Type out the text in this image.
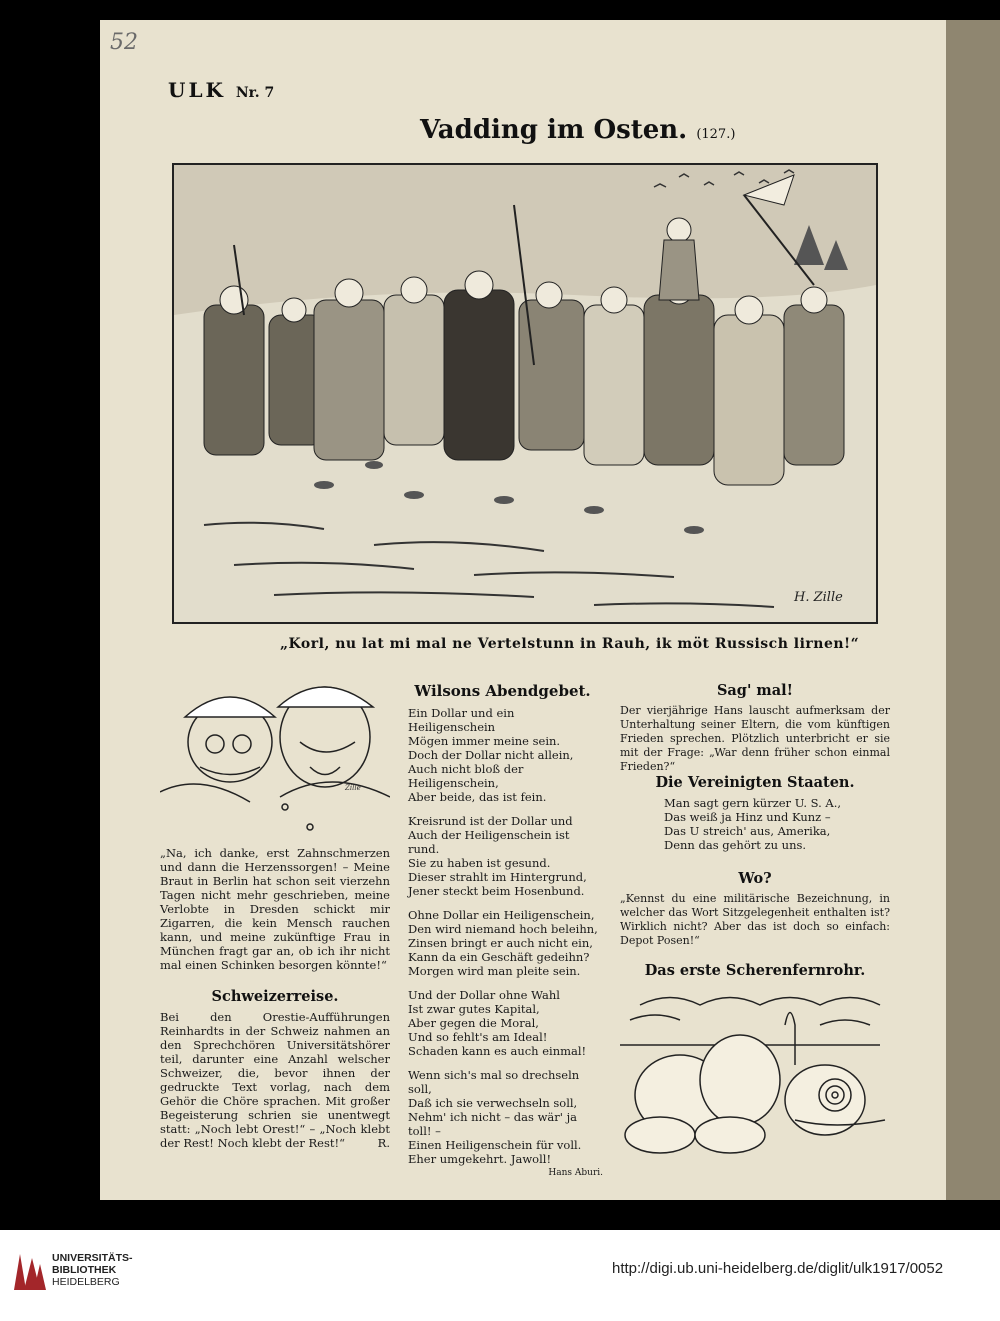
52
ULK Nr. 7
Vadding im Osten. (127.)
H. Zille
„Korl, nu lat mi mal ne Vertelstunn in Rauh, ik möt Russisch lirnen!“
Zille
„Na, ich danke, erst Zahnschmerzen und dann die Herzenssorgen! – Meine Braut in Berlin hat schon seit vierzehn Tagen nicht mehr geschrieben, meine Verlobte in Dresden schickt mir Zigarren, die kein Mensch rauchen kann, und meine zukünftige Frau in München fragt gar an, ob ich ihr nicht mal einen Schinken besorgen könnte!“
Schweizerreise.
Bei den Orestie-Aufführungen Reinhardts in der Schweiz nahmen an den Sprechchören Universitätshörer teil, darunter eine Anzahl welscher Schweizer, die, bevor ihnen der gedruckte Text vorlag, nach dem Gehör die Chöre sprachen. Mit großer Begeisterung schrien sie unentwegt statt: „Noch lebt Orest!“ – „Noch klebt der Rest! Noch klebt der Rest!“	R.
Wilsons Abendgebet.

Ein Dollar und ein Heiligenschein
Mögen immer meine sein.
Doch der Dollar nicht allein,
Auch nicht bloß der Heiligenschein,
Aber beide, das ist fein.

Kreisrund ist der Dollar und
Auch der Heiligenschein ist rund.
Sie zu haben ist gesund.
Dieser strahlt im Hintergrund,
Jener steckt beim Hosenbund.

Ohne Dollar ein Heiligenschein,
Den wird niemand hoch beleihn,
Zinsen bringt er auch nicht ein,
Kann da ein Geschäft gedeihn?
Morgen wird man pleite sein.

Und der Dollar ohne Wahl
Ist zwar gutes Kapital,
Aber gegen die Moral,
Und so fehlt's am Ideal!
Schaden kann es auch einmal!

Wenn sich's mal so drechseln soll,
Daß ich sie verwechseln soll,
Nehm' ich nicht – das wär' ja toll! –
Einen Heiligenschein für voll.
Eher umgekehrt. Jawoll!
Hans Aburi.

Sag' mal!
Der vierjährige Hans lauscht aufmerksam der Unterhaltung seiner Eltern, die vom künftigen Frieden sprechen. Plötzlich unterbricht er sie mit der Frage: „War denn früher schon einmal Frieden?“
Die Vereinigten Staaten.
Man sagt gern kürzer U. S. A.,
Das weiß ja Hinz und Kunz –
Das U streich' aus, Amerika,
Denn das gehört zu uns.
Wo?
„Kennst du eine militärische Bezeichnung, in welcher das Wort Sitzgelegenheit enthalten ist? Wirklich nicht? Aber das ist doch so einfach: Depot Posen!“
Das erste Scherenfernrohr.
UNIVERSITÄTS-
BIBLIOTHEK
HEIDELBERG
http://digi.ub.uni-heidelberg.de/diglit/ulk1917/0052
